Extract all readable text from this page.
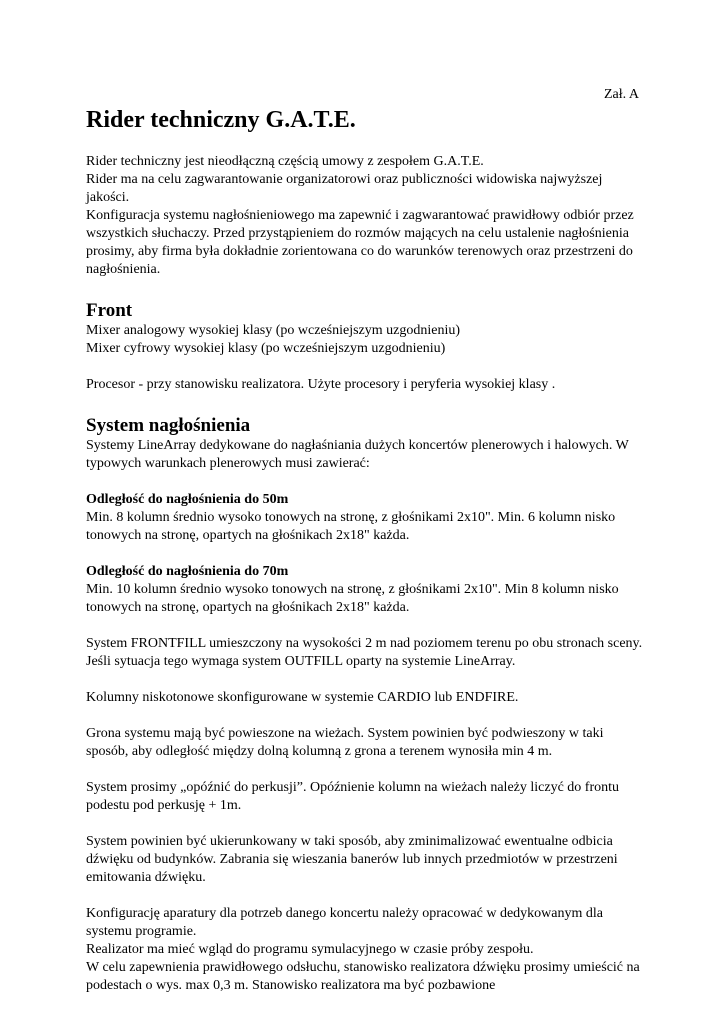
Zał. A
Rider techniczny G.A.T.E.

Rider techniczny jest nieodłączną częścią umowy z zespołem G.A.T.E.

Rider ma na celu zagwarantowanie organizatorowi oraz publiczności widowiska najwyższej jakości.

Konfiguracja systemu nagłośnieniowego ma zapewnić i zagwarantować prawidłowy odbiór przez wszystkich słuchaczy. Przed przystąpieniem do rozmów mających na celu ustalenie nagłośnienia prosimy, aby firma była dokładnie zorientowana co do warunków terenowych oraz przestrzeni do nagłośnienia.

Front

Mixer analogowy wysokiej klasy (po wcześniejszym uzgodnieniu)

Mixer cyfrowy wysokiej klasy (po wcześniejszym uzgodnieniu)

Procesor - przy stanowisku realizatora. Użyte procesory i peryferia wysokiej klasy .

System nagłośnienia

Systemy LineArray dedykowane do nagłaśniania dużych koncertów plenerowych i halowych. W typowych warunkach plenerowych musi zawierać:

Odległość do nagłośnienia do 50m

Min. 8 kolumn średnio wysoko tonowych na stronę, z głośnikami 2x10". Min. 6 kolumn nisko tonowych na stronę, opartych na głośnikach 2x18" każda.

Odległość do nagłośnienia do 70m

Min. 10 kolumn średnio wysoko tonowych na stronę, z głośnikami 2x10". Min 8 kolumn nisko tonowych na stronę, opartych na głośnikach 2x18" każda.

System FRONTFILL umieszczony na wysokości 2 m nad poziomem terenu po obu stronach sceny. Jeśli sytuacja tego wymaga system OUTFILL oparty na systemie LineArray.

Kolumny niskotonowe skonfigurowane w systemie CARDIO lub ENDFIRE.

Grona systemu mają być powieszone na wieżach. System powinien być podwieszony w taki sposób, aby odległość między dolną kolumną z grona a terenem wynosiła min 4 m.

System prosimy „opóźnić do perkusji”. Opóźnienie kolumn na wieżach należy liczyć do frontu podestu pod perkusję + 1m.

System powinien być ukierunkowany w taki sposób, aby zminimalizować ewentualne odbicia dźwięku od budynków. Zabrania się wieszania banerów lub innych przedmiotów w przestrzeni emitowania dźwięku.

Konfigurację aparatury dla potrzeb danego koncertu należy opracować w dedykowanym dla systemu programie.

Realizator ma mieć wgląd do programu symulacyjnego w czasie próby zespołu.

W celu zapewnienia prawidłowego odsłuchu, stanowisko realizatora dźwięku prosimy umieścić na podestach o wys. max 0,3 m. Stanowisko realizatora ma być pozbawione
